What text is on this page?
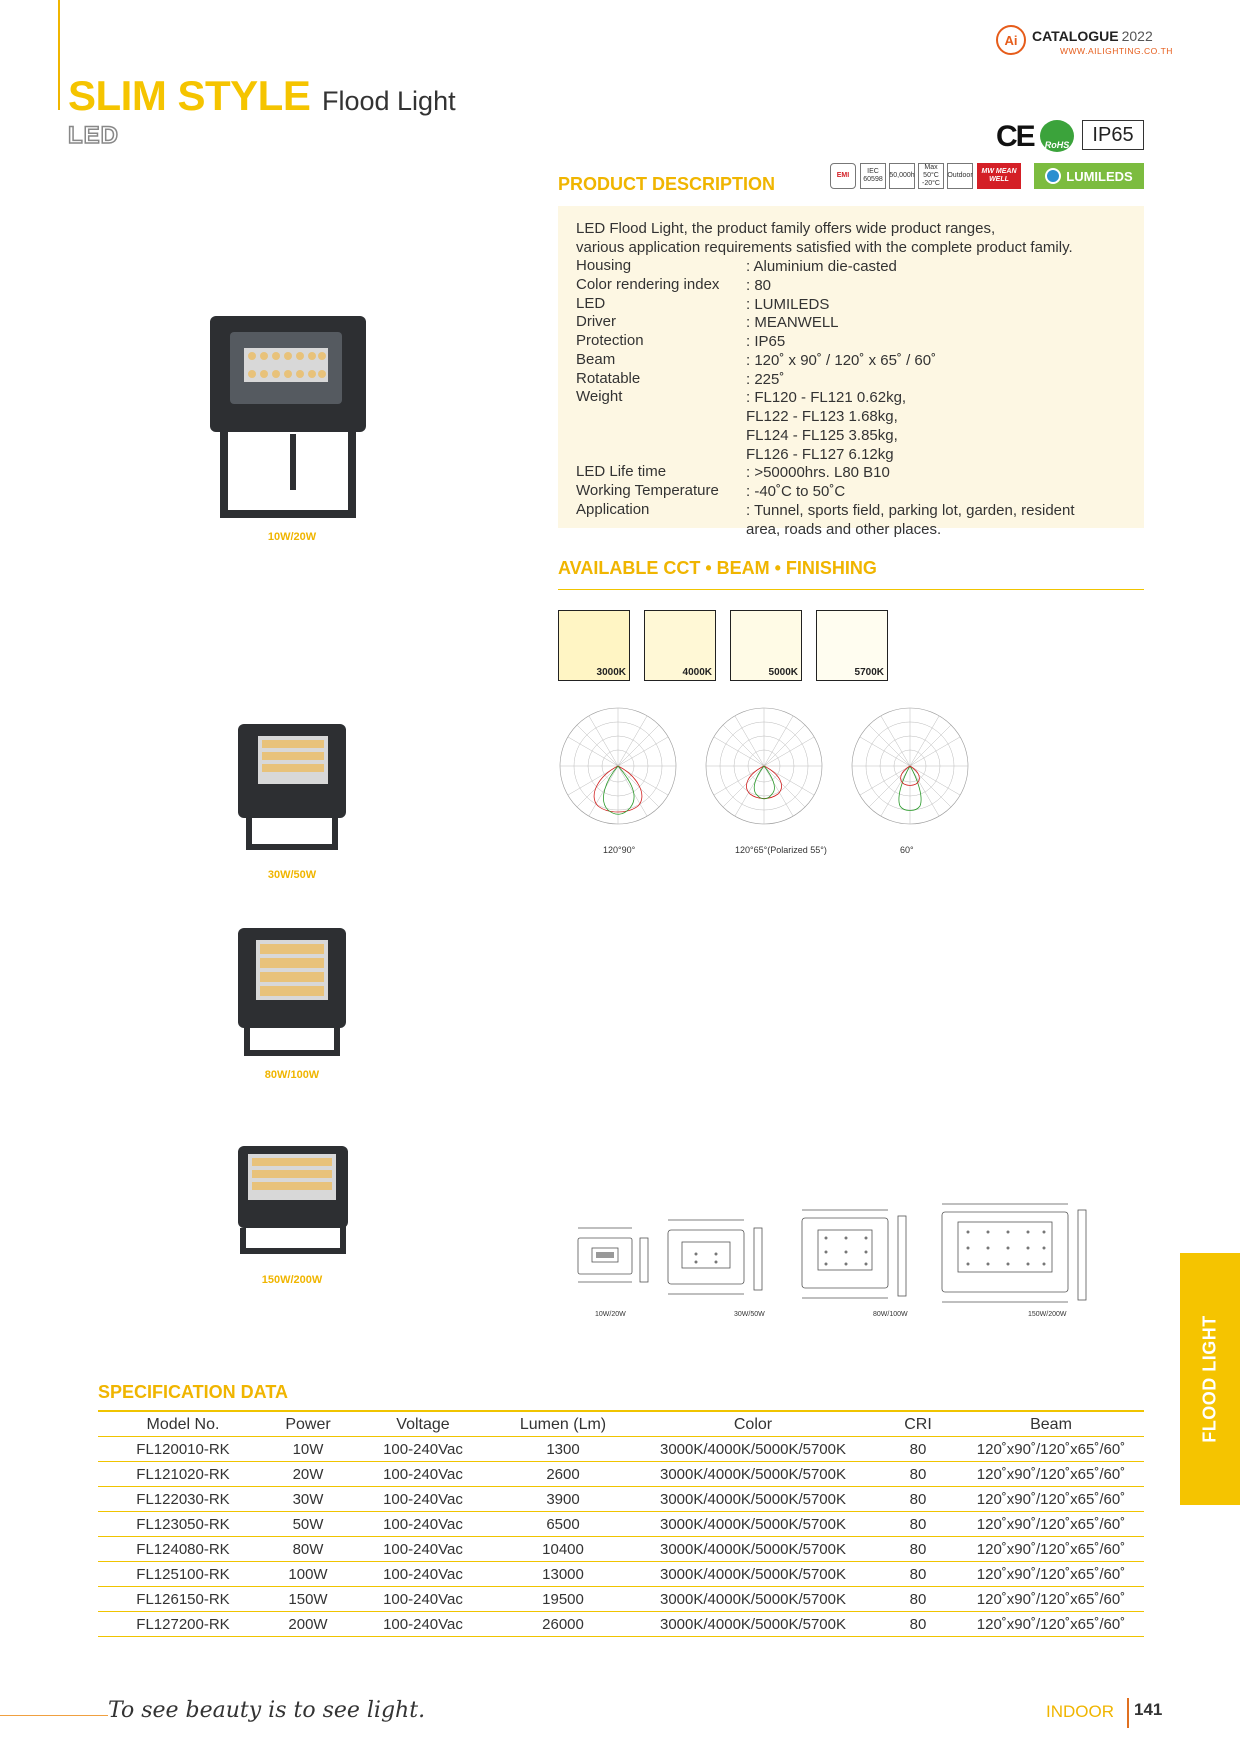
SLIM STYLE Flood Light
LED
Ai	CATALOGUE 2022
WWW.AILIGHTING.CO.TH
CE	RoHS	IP65
EMI
IEC 60598
50,000h
Max 50°C -20°C
Outdoor
MW MEAN WELL	LUMILEDS
PRODUCT DESCRIPTION
LED Flood Light, the product family offers wide product ranges,
various application requirements satisfied with the complete product family.
Housing	: Aluminium die-casted
Color rendering index	: 80
LED	: LUMILEDS
Driver	: MEANWELL
Protection	: IP65
Beam	: 120˚ x 90˚ / 120˚ x 65˚ / 60˚
Rotatable	: 225˚
Weight	: FL120 - FL121 0.62kg,
FL122 - FL123 1.68kg,
FL124 - FL125 3.85kg,
FL126 - FL127 6.12kg
LED Life time	: >50000hrs. L80 B10
Working Temperature	: -40˚C to 50˚C
Application	: Tunnel, sports field, parking lot, garden, resident
area, roads and other places.
AVAILABLE CCT • BEAM • FINISHING
3000K	4000K	5000K	5700K
120°90°	120°65°(Polarized 55°)	60°
10W/20W
30W/50W
80W/100W
150W/200W
10W/20W	30W/50W	80W/100W	150W/200W
SPECIFICATION DATA
Model No.	Power	Voltage	Lumen (Lm)	Color	CRI	Beam
FL120010-RK	10W	100-240Vac	1300	3000K/4000K/5000K/5700K	80	120˚x90˚/120˚x65˚/60˚
FL121020-RK	20W	100-240Vac	2600	3000K/4000K/5000K/5700K	80	120˚x90˚/120˚x65˚/60˚
FL122030-RK	30W	100-240Vac	3900	3000K/4000K/5000K/5700K	80	120˚x90˚/120˚x65˚/60˚
FL123050-RK	50W	100-240Vac	6500	3000K/4000K/5000K/5700K	80	120˚x90˚/120˚x65˚/60˚
FL124080-RK	80W	100-240Vac	10400	3000K/4000K/5000K/5700K	80	120˚x90˚/120˚x65˚/60˚
FL125100-RK	100W	100-240Vac	13000	3000K/4000K/5000K/5700K	80	120˚x90˚/120˚x65˚/60˚
FL126150-RK	150W	100-240Vac	19500	3000K/4000K/5000K/5700K	80	120˚x90˚/120˚x65˚/60˚
FL127200-RK	200W	100-240Vac	26000	3000K/4000K/5000K/5700K	80	120˚x90˚/120˚x65˚/60˚
FLOOD LIGHT
To see beauty is to see light.	INDOOR 141
